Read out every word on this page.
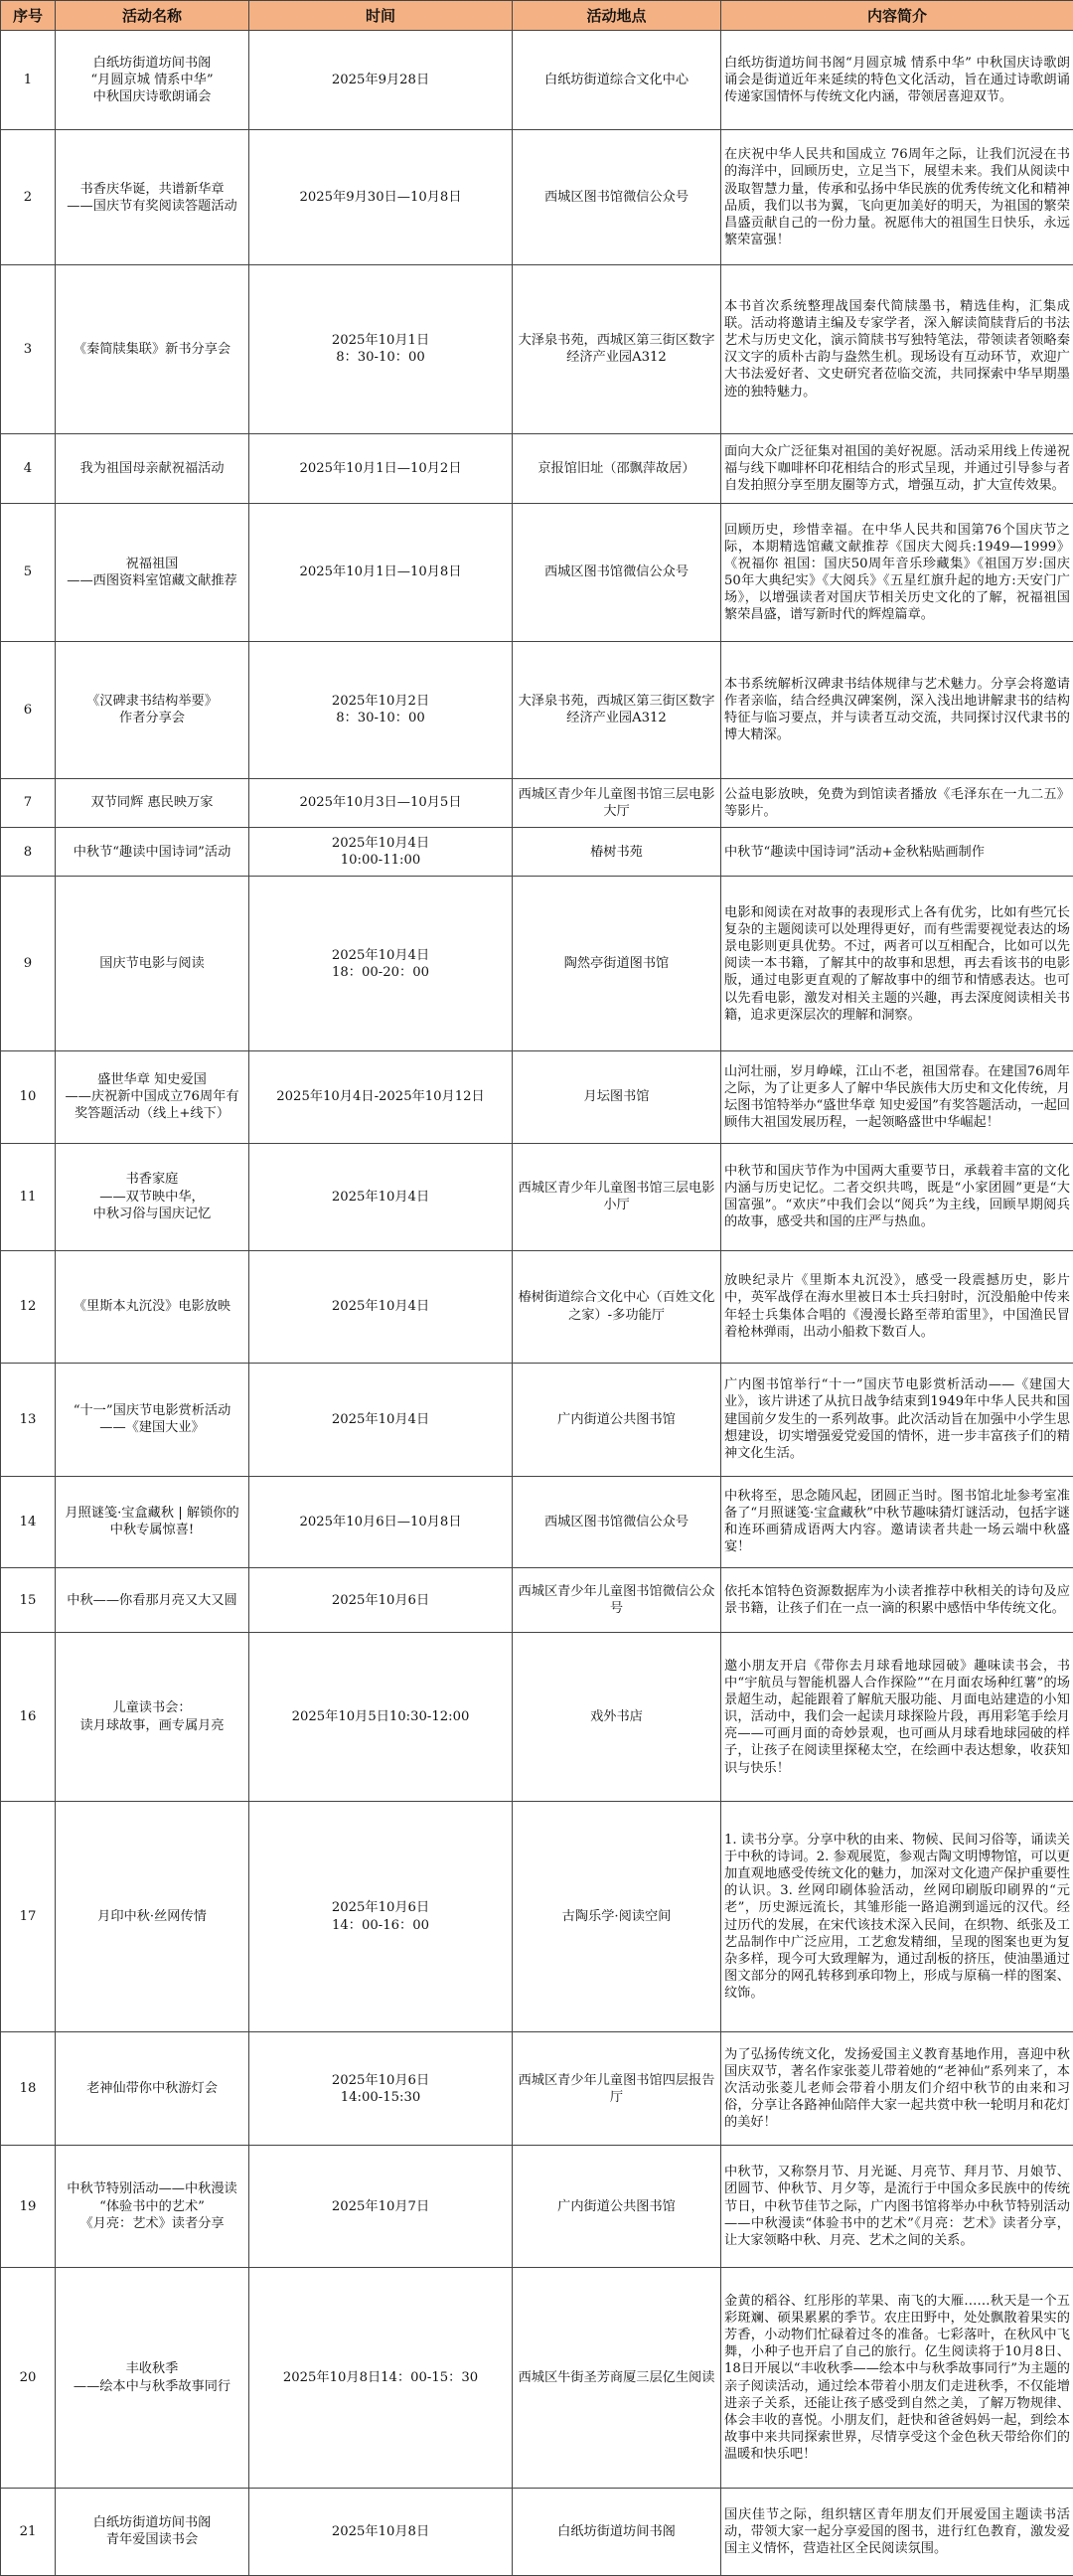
序号	活动名称	时间	活动地点	内容简介
1	白纸坊街道坊间书阁
“月圆京城 情系中华”
中秋国庆诗歌朗诵会	2025年9月28日	白纸坊街道综合文化中心	白纸坊街道坊间书阁“月圆京城 情系中华” 中秋国庆诗歌朗诵会是街道近年来延续的特色文化活动，旨在通过诗歌朗诵传递家国情怀与传统文化内涵，带领居喜迎双节。
2	书香庆华诞，共谱新华章
——国庆节有奖阅读答题活动	2025年9月30日—10月8日	西城区图书馆微信公众号	在庆祝中华人民共和国成立 76周年之际，让我们沉浸在书的海洋中，回顾历史，立足当下，展望未来。我们从阅读中汲取智慧力量，传承和弘扬中华民族的优秀传统文化和精神品质，我们以书为翼，飞向更加美好的明天，为祖国的繁荣昌盛贡献自己的一份力量。祝愿伟大的祖国生日快乐，永远繁荣富强！
3	《秦简牍集联》新书分享会	2025年10月1日
8：30-10：00	大泽泉书苑，西城区第三街区数字经济产业园A312	本书首次系统整理战国秦代简牍墨书，精选佳构，汇集成联。活动将邀请主编及专家学者，深入解读简牍背后的书法艺术与历史文化，演示简牍书写独特笔法，带领读者领略秦汉文字的质朴古韵与盎然生机。现场设有互动环节，欢迎广大书法爱好者、文史研究者莅临交流，共同探索中华早期墨迹的独特魅力。
4	我为祖国母亲献祝福活动	2025年10月1日—10月2日	京报馆旧址（邵飘萍故居）	面向大众广泛征集对祖国的美好祝愿。活动采用线上传递祝福与线下咖啡杯印花相结合的形式呈现，并通过引导参与者自发拍照分享至朋友圈等方式，增强互动，扩大宣传效果。
5	祝福祖国
——西图资料室馆藏文献推荐	2025年10月1日—10月8日	西城区图书馆微信公众号	回顾历史，珍惜幸福。在中华人民共和国第76个国庆节之际，本期精选馆藏文献推荐《国庆大阅兵:1949—1999》《祝福你 祖国：国庆50周年音乐珍藏集》《祖国万岁:国庆50年大典纪实》《大阅兵》《五星红旗升起的地方:天安门广场》，以增强读者对国庆节相关历史文化的了解，祝福祖国繁荣昌盛，谱写新时代的辉煌篇章。
6	《汉碑隶书结构举要》
作者分享会	2025年10月2日
8：30-10：00	大泽泉书苑，西城区第三街区数字经济产业园A312	本书系统解析汉碑隶书结体规律与艺术魅力。分享会将邀请作者亲临，结合经典汉碑案例，深入浅出地讲解隶书的结构特征与临习要点，并与读者互动交流，共同探讨汉代隶书的博大精深。
7	双节同辉 惠民映万家	2025年10月3日—10月5日	西城区青少年儿童图书馆三层电影大厅	公益电影放映，免费为到馆读者播放《毛泽东在一九二五》等影片。
8	中秋节“趣读中国诗词”活动	2025年10月4日
10:00-11:00	椿树书苑	中秋节“趣读中国诗词”活动+金秋粘贴画制作
9	国庆节电影与阅读	2025年10月4日
18：00-20：00	陶然亭街道图书馆	电影和阅读在对故事的表现形式上各有优劣，比如有些冗长复杂的主题阅读可以处理得更好，而有些需要视觉表达的场景电影则更具优势。不过，两者可以互相配合，比如可以先阅读一本书籍，了解其中的故事和思想，再去看该书的电影版，通过电影更直观的了解故事中的细节和情感表达。也可以先看电影，激发对相关主题的兴趣，再去深度阅读相关书籍，追求更深层次的理解和洞察。
10	盛世华章 知史爱国
——庆祝新中国成立76周年有奖答题活动（线上+线下）	2025年10月4日-2025年10月12日	月坛图书馆	山河壮丽，岁月峥嵘，江山不老，祖国常春。在建国76周年之际，为了让更多人了解中华民族伟大历史和文化传统，月坛图书馆特举办“盛世华章 知史爱国”有奖答题活动，一起回顾伟大祖国发展历程，一起领略盛世中华崛起！
11	书香家庭
——双节映中华，
中秋习俗与国庆记忆	2025年10月4日	西城区青少年儿童图书馆三层电影小厅	中秋节和国庆节作为中国两大重要节日，承载着丰富的文化内涵与历史记忆。二者交织共鸣，既是“小家团圆”更是“大国富强”。“欢庆”中我们会以“阅兵”为主线，回顾早期阅兵的故事，感受共和国的庄严与热血。
12	《里斯本丸沉没》电影放映	2025年10月4日	椿树街道综合文化中心（百姓文化之家）-多功能厅	放映纪录片《里斯本丸沉没》，感受一段震撼历史，影片中，英军战俘在海水里被日本士兵扫射时，沉没船舱中传来年轻士兵集体合唱的《漫漫长路至蒂珀雷里》，中国渔民冒着枪林弹雨，出动小船救下数百人。
13	“十一”国庆节电影赏析活动
——《建国大业》	2025年10月4日	广内街道公共图书馆	广内图书馆举行“十一”国庆节电影赏析活动——《建国大业》，该片讲述了从抗日战争结束到1949年中华人民共和国建国前夕发生的一系列故事。此次活动旨在加强中小学生思想建设，切实增强爱党爱国的情怀，进一步丰富孩子们的精神文化生活。
14	月照谜笺·宝盒藏秋 | 解锁你的中秋专属惊喜!	2025年10月6日—10月8日	西城区图书馆微信公众号	中秋将至，思念随风起，团圆正当时。图书馆北址参考室准备了“月照谜笺·宝盒藏秋”中秋节趣味猜灯谜活动，包括字谜和连环画猜成语两大内容。邀请读者共赴一场云端中秋盛宴！
15	中秋——你看那月亮又大又圆	2025年10月6日	西城区青少年儿童图书馆微信公众号	依托本馆特色资源数据库为小读者推荐中秋相关的诗句及应景书籍，让孩子们在一点一滴的积累中感悟中华传统文化。
16	儿童读书会：
读月球故事，画专属月亮	2025年10月5日10:30-12:00	戏外书店	邀小朋友开启《带你去月球看地球园破》趣味读书会，书中“宇航员与智能机器人合作探险”“在月面农场种红薯”的场景超生动，起能跟着了解航天服功能、月面电站建造的小知识，活动中，我们会一起读月球探险片段，再用彩笔手绘月亮——可画月面的奇妙景观，也可画从月球看地球园破的样子，让孩子在阅读里探秘太空，在绘画中表达想象，收获知识与快乐！
17	月印中秋·丝网传情	2025年10月6日
14：00-16：00	古陶乐学·阅读空间	1. 读书分享。分享中秋的由来、物候、民间习俗等，诵读关于中秋的诗词。2. 参观展览，参观古陶文明博物馆，可以更加直观地感受传统文化的魅力，加深对文化遗产保护重要性的认识。3. 丝网印刷体验活动，丝网印刷版印刷界的“元老”，历史源远流长，其雏形能一路追溯到遥远的汉代。经过历代的发展，在宋代该技术深入民间，在织物、纸张及工艺品制作中广泛应用，工艺愈发精细，呈现的图案也更为复杂多样，现今可大致理解为，通过刮板的挤压，使油墨通过图文部分的网孔转移到承印物上，形成与原稿一样的图案、纹饰。
18	老神仙带你中秋游灯会	2025年10月6日
14:00-15:30	西城区青少年儿童图书馆四层报告厅	为了弘扬传统文化，发扬爱国主义教育基地作用，喜迎中秋国庆双节，著名作家张菱儿带着她的“老神仙”系列来了，本次活动张菱儿老师会带着小朋友们介绍中秋节的由来和习俗，分享让各路神仙陪伴大家一起共赏中秋一轮明月和花灯的美好！
19	中秋节特别活动——中秋漫读
“体验书中的艺术”
《月亮：艺术》读者分享	2025年10月7日	广内街道公共图书馆	中秋节，又称祭月节、月光诞、月亮节、拜月节、月娘节、团圆节、仲秋节、月夕等，是流行于中国众多民族中的传统节日，中秋节佳节之际，广内图书馆将举办中秋节特别活动——中秋漫读“体验书中的艺术”《月亮：艺术》读者分享，让大家领略中秋、月亮、艺术之间的关系。
20	丰收秋季
——绘本中与秋季故事同行	2025年10月8日14：00-15：30	西城区牛街圣芳商厦三层亿生阅读	金黄的稻谷、红彤彤的苹果、南飞的大雁……秋天是一个五彩斑斓、硕果累累的季节。农庄田野中，处处飘散着果实的芳香，小动物们忙碌着过冬的准备。七彩落叶，在秋风中飞舞，小种子也开启了自己的旅行。亿生阅读将于10月8日、18日开展以“丰收秋季——绘本中与秋季故事同行”为主题的亲子阅读活动，通过绘本带着小朋友们走进秋季，不仅能增进亲子关系，还能让孩子感受到自然之美，了解万物规律、体会丰收的喜悦。小朋友们，赶快和爸爸妈妈一起，到绘本故事中来共同探索世界，尽情享受这个金色秋天带给你们的温暖和快乐吧！
21	白纸坊街道坊间书阁
青年爱国读书会	2025年10月8日	白纸坊街道坊间书阁	国庆佳节之际，组织辖区青年朋友们开展爱国主题读书活动，带领大家一起分享爱国的图书，进行红色教育，激发爱国主义情怀，营造社区全民阅读氛围。
